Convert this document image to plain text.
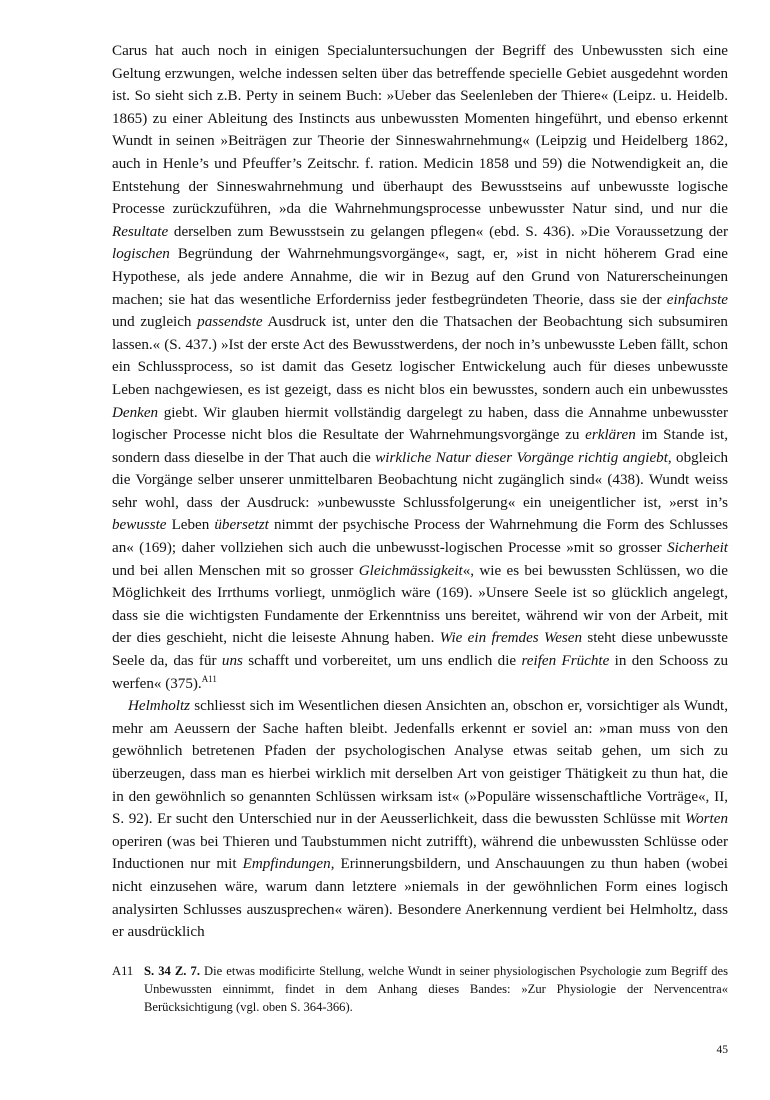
Carus hat auch noch in einigen Specialuntersuchungen der Begriff des Unbewussten sich eine Geltung erzwungen, welche indessen selten über das betreffende specielle Gebiet ausgedehnt worden ist. So sieht sich z.B. Perty in seinem Buch: »Ueber das Seelenleben der Thiere« (Leipz. u. Heidelb. 1865) zu einer Ableitung des Instincts aus unbewussten Momenten hingeführt, und ebenso erkennt Wundt in seinen »Beiträgen zur Theorie der Sinneswahrnehmung« (Leipzig und Heidelberg 1862, auch in Henle’s und Pfeuffer’s Zeitschr. f. ration. Medicin 1858 und 59) die Notwendigkeit an, die Entstehung der Sinneswahrnehmung und überhaupt des Bewusstseins auf unbewusste logische Processe zurückzuführen, »da die Wahrnehmungsprocesse unbewusster Natur sind, und nur die Resultate derselben zum Bewusstsein zu gelangen pflegen« (ebd. S. 436). »Die Voraussetzung der logischen Begründung der Wahrnehmungsvorgänge«, sagt, er, »ist in nicht höherem Grad eine Hypothese, als jede andere Annahme, die wir in Bezug auf den Grund von Naturerscheinungen machen; sie hat das wesentliche Erforderniss jeder festbegründeten Theorie, dass sie der einfachste und zugleich passendste Ausdruck ist, unter den die Thatsachen der Beobachtung sich subsumiren lassen.« (S. 437.) »Ist der erste Act des Bewusstwerdens, der noch in’s unbewusste Leben fällt, schon ein Schlussprocess, so ist damit das Gesetz logischer Entwickelung auch für dieses unbewusste Leben nachgewiesen, es ist gezeigt, dass es nicht blos ein bewusstes, sondern auch ein unbewusstes Denken giebt. Wir glauben hiermit vollständig dargelegt zu haben, dass die Annahme unbewusster logischer Processe nicht blos die Resultate der Wahrnehmungsvorgänge zu erklären im Stande ist, sondern dass dieselbe in der That auch die wirkliche Natur dieser Vorgänge richtig angiebt, obgleich die Vorgänge selber unserer unmittelbaren Beobachtung nicht zugänglich sind« (438). Wundt weiss sehr wohl, dass der Ausdruck: »unbewusste Schlussfolgerung« ein uneigentlicher ist, »erst in’s bewusste Leben übersetzt nimmt der psychische Process der Wahrnehmung die Form des Schlusses an« (169); daher vollziehen sich auch die unbewusst-logischen Processe »mit so grosser Sicherheit und bei allen Menschen mit so grosser Gleichmässigkeit«, wie es bei bewussten Schlüssen, wo die Möglichkeit des Irrthums vorliegt, unmöglich wäre (169). »Unsere Seele ist so glücklich angelegt, dass sie die wichtigsten Fundamente der Erkenntniss uns bereitet, während wir von der Arbeit, mit der dies geschieht, nicht die leiseste Ahnung haben. Wie ein fremdes Wesen steht diese unbewusste Seele da, das für uns schafft und vorbereitet, um uns endlich die reifen Früchte in den Schooss zu werfen« (375).$^{A11}$

Helmholtz schliesst sich im Wesentlichen diesen Ansichten an, obschon er, vorsichtiger als Wundt, mehr am Aeussern der Sache haften bleibt. Jedenfalls erkennt er soviel an: »man muss von den gewöhnlich betretenen Pfaden der psychologischen Analyse etwas seitab gehen, um sich zu überzeugen, dass man es hierbei wirklich mit derselben Art von geistiger Thätigkeit zu thun hat, die in den gewöhnlich so genannten Schlüssen wirksam ist« (»Populäre wissenschaftliche Vorträge«, II, S. 92). Er sucht den Unterschied nur in der Aeusserlichkeit, dass die bewussten Schlüsse mit Worten operiren (was bei Thieren und Taubstummen nicht zutrifft), während die unbewussten Schlüsse oder Inductionen nur mit Empfindungen, Erinnerungsbildern, und Anschauungen zu thun haben (wobei nicht einzusehen wäre, warum dann letztere »niemals in der gewöhnlichen Form eines logisch analysirten Schlusses auszusprechen« wären). Besondere Anerkennung verdient bei Helmholtz, dass er ausdrücklich

A11 S. 34 Z. 7. Die etwas modificirte Stellung, welche Wundt in seiner physiologischen Psychologie zum Begriff des Unbewussten einnimmt, findet in dem Anhang dieses Bandes: »Zur Physiologie der Nervencentra« Berücksichtigung (vgl. oben S. 364-366).
45
